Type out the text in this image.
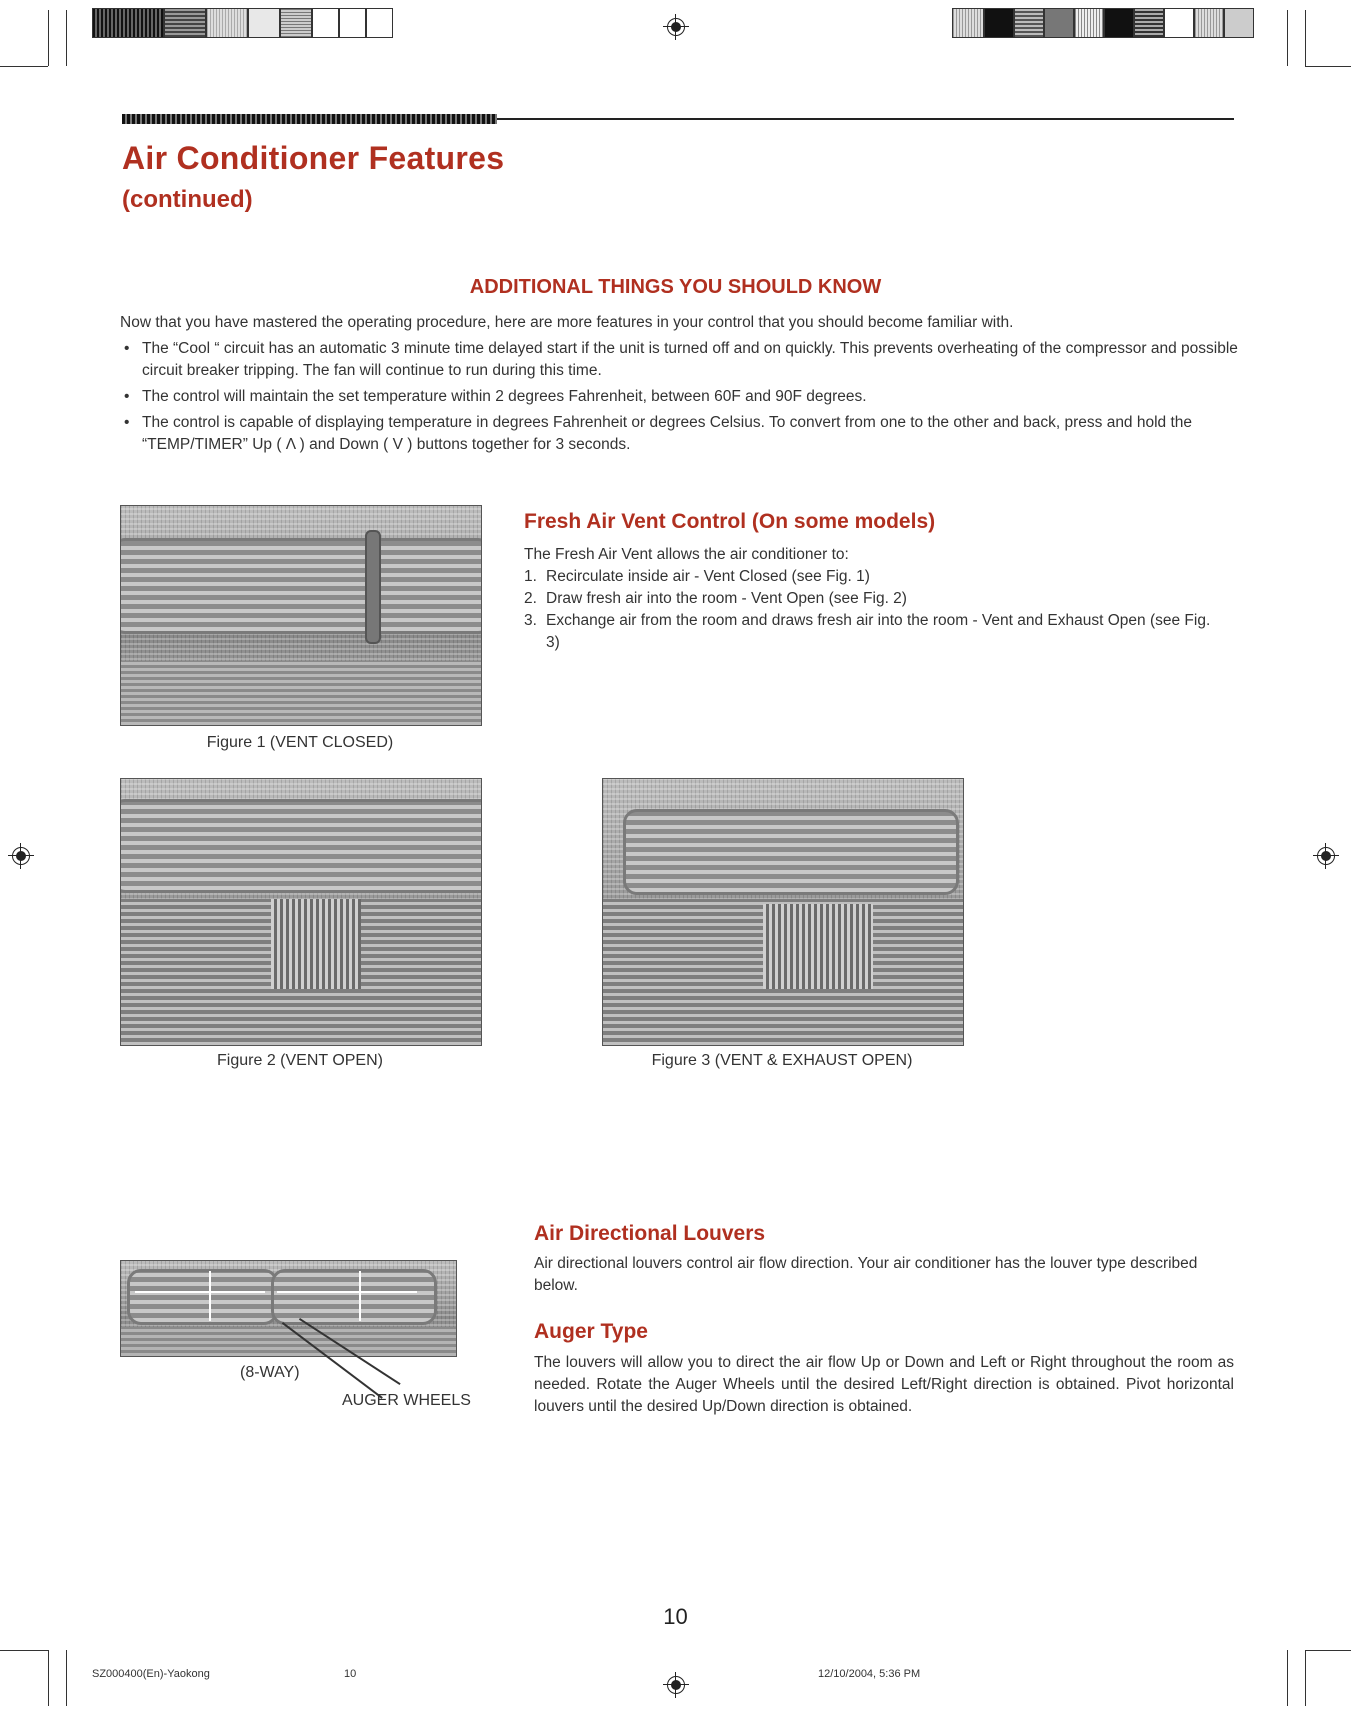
Air Conditioner Features
(continued)
ADDITIONAL THINGS YOU SHOULD KNOW
Now that you have mastered the operating procedure, here are more features in your control that you should become familiar with.
• The “Cool “ circuit has an automatic 3 minute time delayed start if the unit is turned off and on quickly. This prevents overheating of the compressor and possible circuit breaker tripping. The fan will continue to run during this time.
• The control will maintain the set temperature within 2 degrees Fahrenheit, between 60F and 90F degrees.
• The control is capable of displaying temperature in degrees Fahrenheit or degrees Celsius. To convert from one to the other and back, press and hold the “TEMP/TIMER” Up ( Λ ) and Down ( V ) buttons together for 3 seconds.
Figure 1 (VENT CLOSED)
Fresh Air Vent Control (On some models)
The Fresh Air Vent allows the air conditioner to:
1. Recirculate inside air - Vent Closed (see Fig. 1)
2. Draw fresh air into the room - Vent Open (see Fig. 2)
3. Exchange air from the room and draws fresh air into the room - Vent and Exhaust Open (see Fig. 3)
Figure 2 (VENT OPEN)	Figure 3 (VENT & EXHAUST OPEN)
(8-WAY)
AUGER WHEELS
Air Directional Louvers
Air directional louvers control air flow direction. Your air conditioner has the louver type described below.
Auger Type
The louvers will allow you to direct the air flow Up or Down and Left or Right throughout the room as needed. Rotate the Auger Wheels until the desired Left/Right direction is obtained. Pivot horizontal louvers until the desired Up/Down direction is obtained.
10
SZ000400(En)-Yaokong	10	12/10/2004, 5:36 PM
